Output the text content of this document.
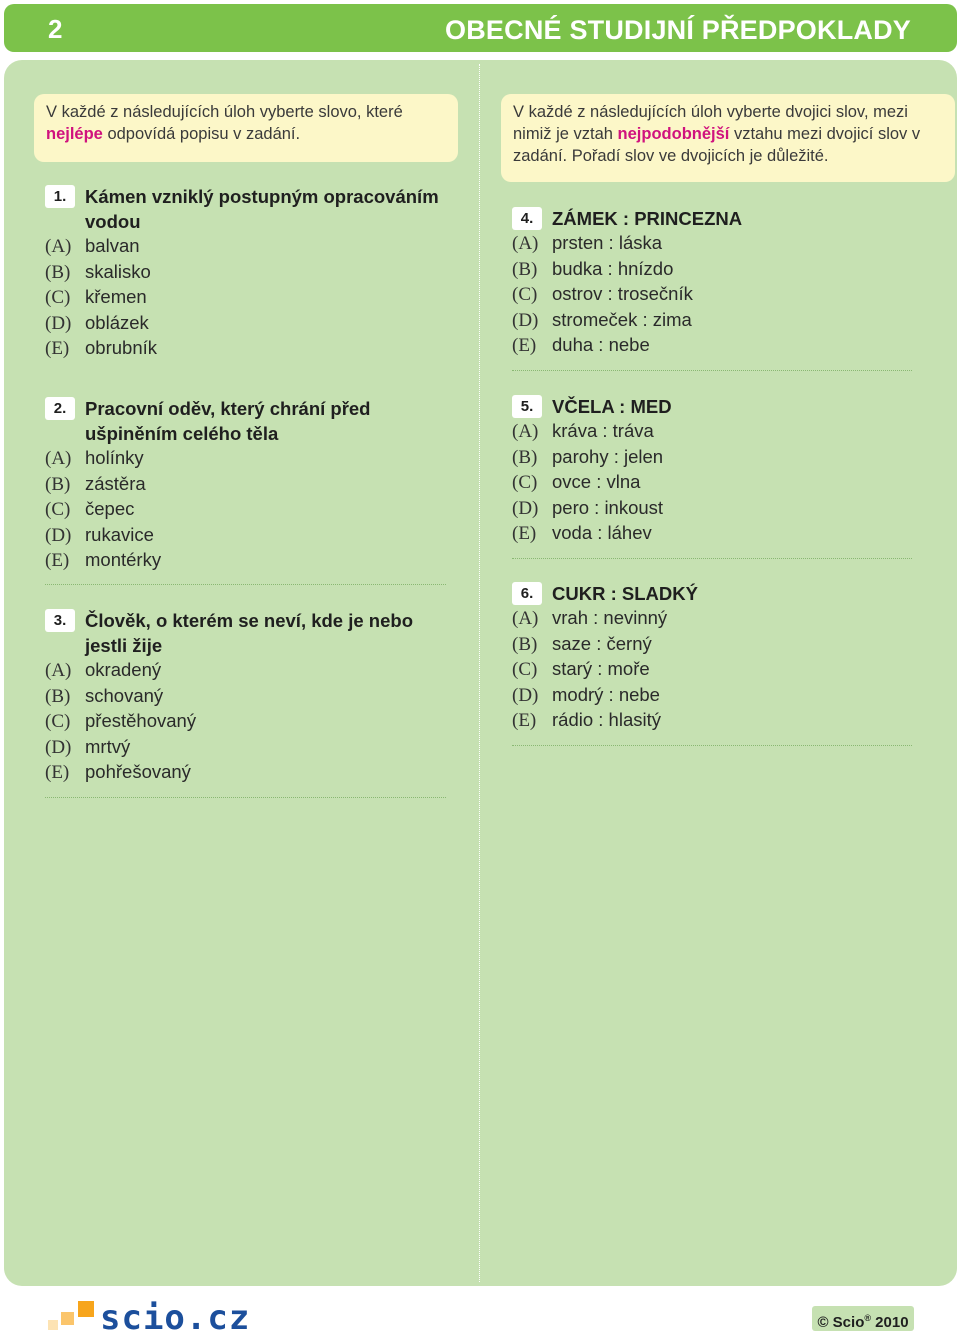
2	OBECNÉ STUDIJNÍ PŘEDPOKLADY
V každé z následujících úloh vyberte slovo, které nejlépe odpovídá popisu v zadání.
V každé z následujících úloh vyberte dvojici slov, mezi nimiž je vztah nejpodobnější vztahu mezi dvojicí slov v zadání. Pořadí slov ve dvojicích je důležité.
1.	Kámen vzniklý postupným opracováním vodou
(A) balvan
(B) skalisko
(C) křemen
(D) oblázek
(E) obrubník
2.	Pracovní oděv, který chrání před ušpiněním celého těla
(A) holínky
(B) zástěra
(C) čepec
(D) rukavice
(E) montérky
3.	Člověk, o kterém se neví, kde je nebo jestli žije
(A) okradený
(B) schovaný
(C) přestěhovaný
(D) mrtvý
(E) pohřešovaný
4.	ZÁMEK : PRINCEZNA
(A) prsten : láska
(B) budka : hnízdo
(C) ostrov : trosečník
(D) stromeček : zima
(E) duha : nebe
5.	VČELA : MED
(A) kráva : tráva
(B) parohy : jelen
(C) ovce : vlna
(D) pero : inkoust
(E) voda : láhev
6.	CUKR : SLADKÝ
(A) vrah : nevinný
(B) saze : černý
(C) starý : moře
(D) modrý : nebe
(E) rádio : hlasitý
scio.cz	© Scio® 2010
